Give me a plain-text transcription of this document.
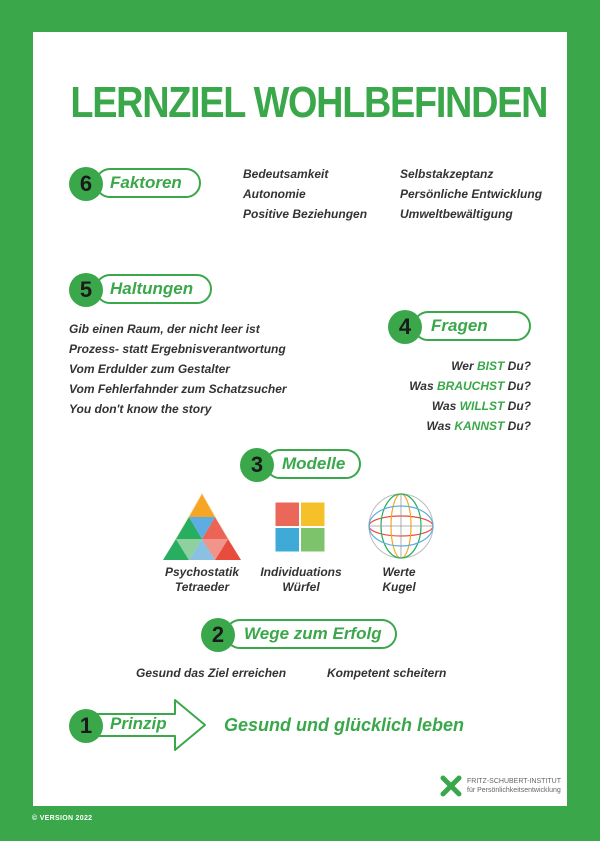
LERNZIEL WOHLBEFINDEN
Faktoren
6	Bedeutsamkeit
Autonomie
Positive Beziehungen
Selbstakzeptanz
Persönliche Entwicklung
Umweltbewältigung
Haltungen
5
Gib einen Raum, der nicht leer ist
Prozess- statt Ergebnisverantwortung
Vom Erdulder zum Gestalter
Vom Fehlerfahnder zum Schatzsucher
You don't know the story
Fragen
4
Wer BIST Du?
Was BRAUCHST Du?
Was WILLST Du?
Was KANNST Du?
Modelle
3
Psychostatik
Tetraeder
Individuations
Würfel
Werte
Kugel
Wege zum Erfolg
2
Gesund das Ziel erreichen	Kompetent scheitern
Prinzip
1	Gesund und glücklich leben
FRITZ-SCHUBERT-INSTITUT
für Persönlichkeitsentwicklung
© VERSION 2022
